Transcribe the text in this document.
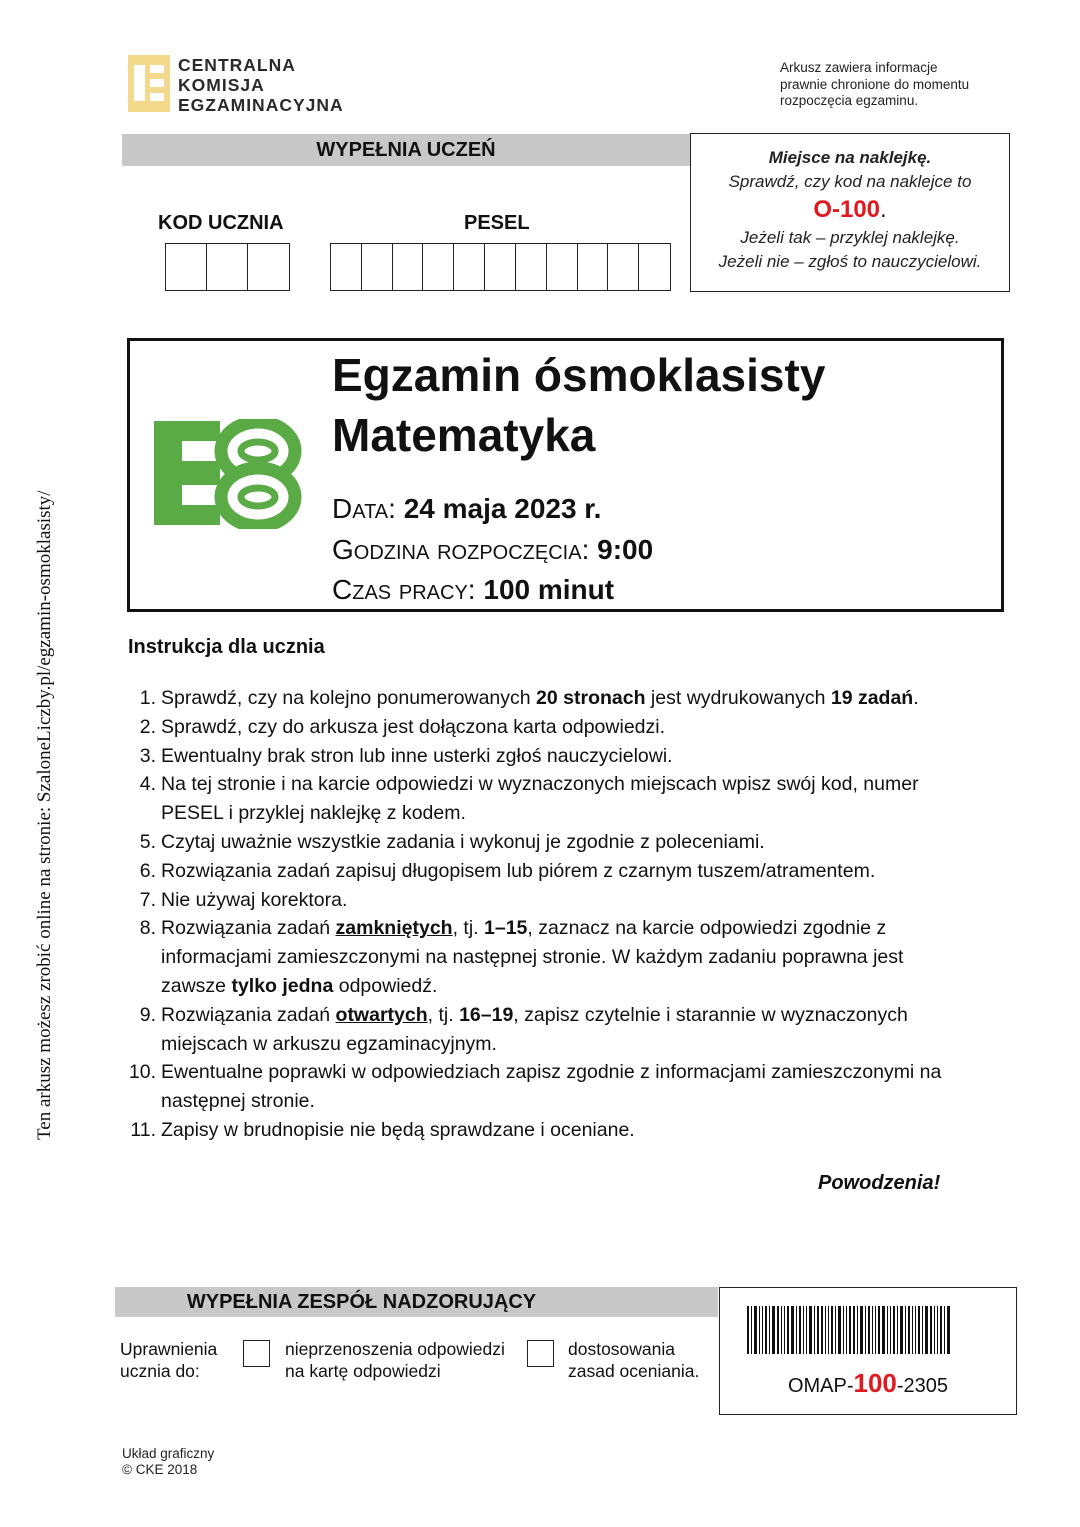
Ten arkusz możesz zrobić online na stronie: SzaloneLiczby.pl/egzamin-osmoklasisty/
CENTRALNA
KOMISJA
EGZAMINACYJNA
Arkusz zawiera informacje
prawnie chronione do momentu
rozpoczęcia egzaminu.
WYPEŁNIA UCZEŃ
KOD UCZNIA	PESEL
Miejsce na naklejkę.
Sprawdź, czy kod na naklejce to
O-100.
Jeżeli tak – przyklej naklejkę.
Jeżeli nie – zgłoś to nauczycielowi.
Egzamin ósmoklasisty
Matematyka
Data: 24 maja 2023 r.
Godzina rozpoczęcia: 9:00
Czas pracy: 100 minut
Instrukcja dla ucznia
1. Sprawdź, czy na kolejno ponumerowanych 20 stronach jest wydrukowanych 19 zadań.
2. Sprawdź, czy do arkusza jest dołączona karta odpowiedzi.
3. Ewentualny brak stron lub inne usterki zgłoś nauczycielowi.
4. Na tej stronie i na karcie odpowiedzi w wyznaczonych miejscach wpisz swój kod, numer PESEL i przyklej naklejkę z kodem.
5. Czytaj uważnie wszystkie zadania i wykonuj je zgodnie z poleceniami.
6. Rozwiązania zadań zapisuj długopisem lub piórem z czarnym tuszem/atramentem.
7. Nie używaj korektora.
8. Rozwiązania zadań zamkniętych, tj. 1–15, zaznacz na karcie odpowiedzi zgodnie z informacjami zamieszczonymi na następnej stronie. W każdym zadaniu poprawna jest zawsze tylko jedna odpowiedź.
9. Rozwiązania zadań otwartych, tj. 16–19, zapisz czytelnie i starannie w wyznaczonych miejscach w arkuszu egzaminacyjnym.
10. Ewentualne poprawki w odpowiedziach zapisz zgodnie z informacjami zamieszczonymi na następnej stronie.
11. Zapisy w brudnopisie nie będą sprawdzane i oceniane.
Powodzenia!
WYPEŁNIA ZESPÓŁ NADZORUJĄCY
Uprawnienia
ucznia do:
nieprzenoszenia odpowiedzi
na kartę odpowiedzi
dostosowania
zasad oceniania.
OMAP-100-2305
Układ graficzny
© CKE 2018
